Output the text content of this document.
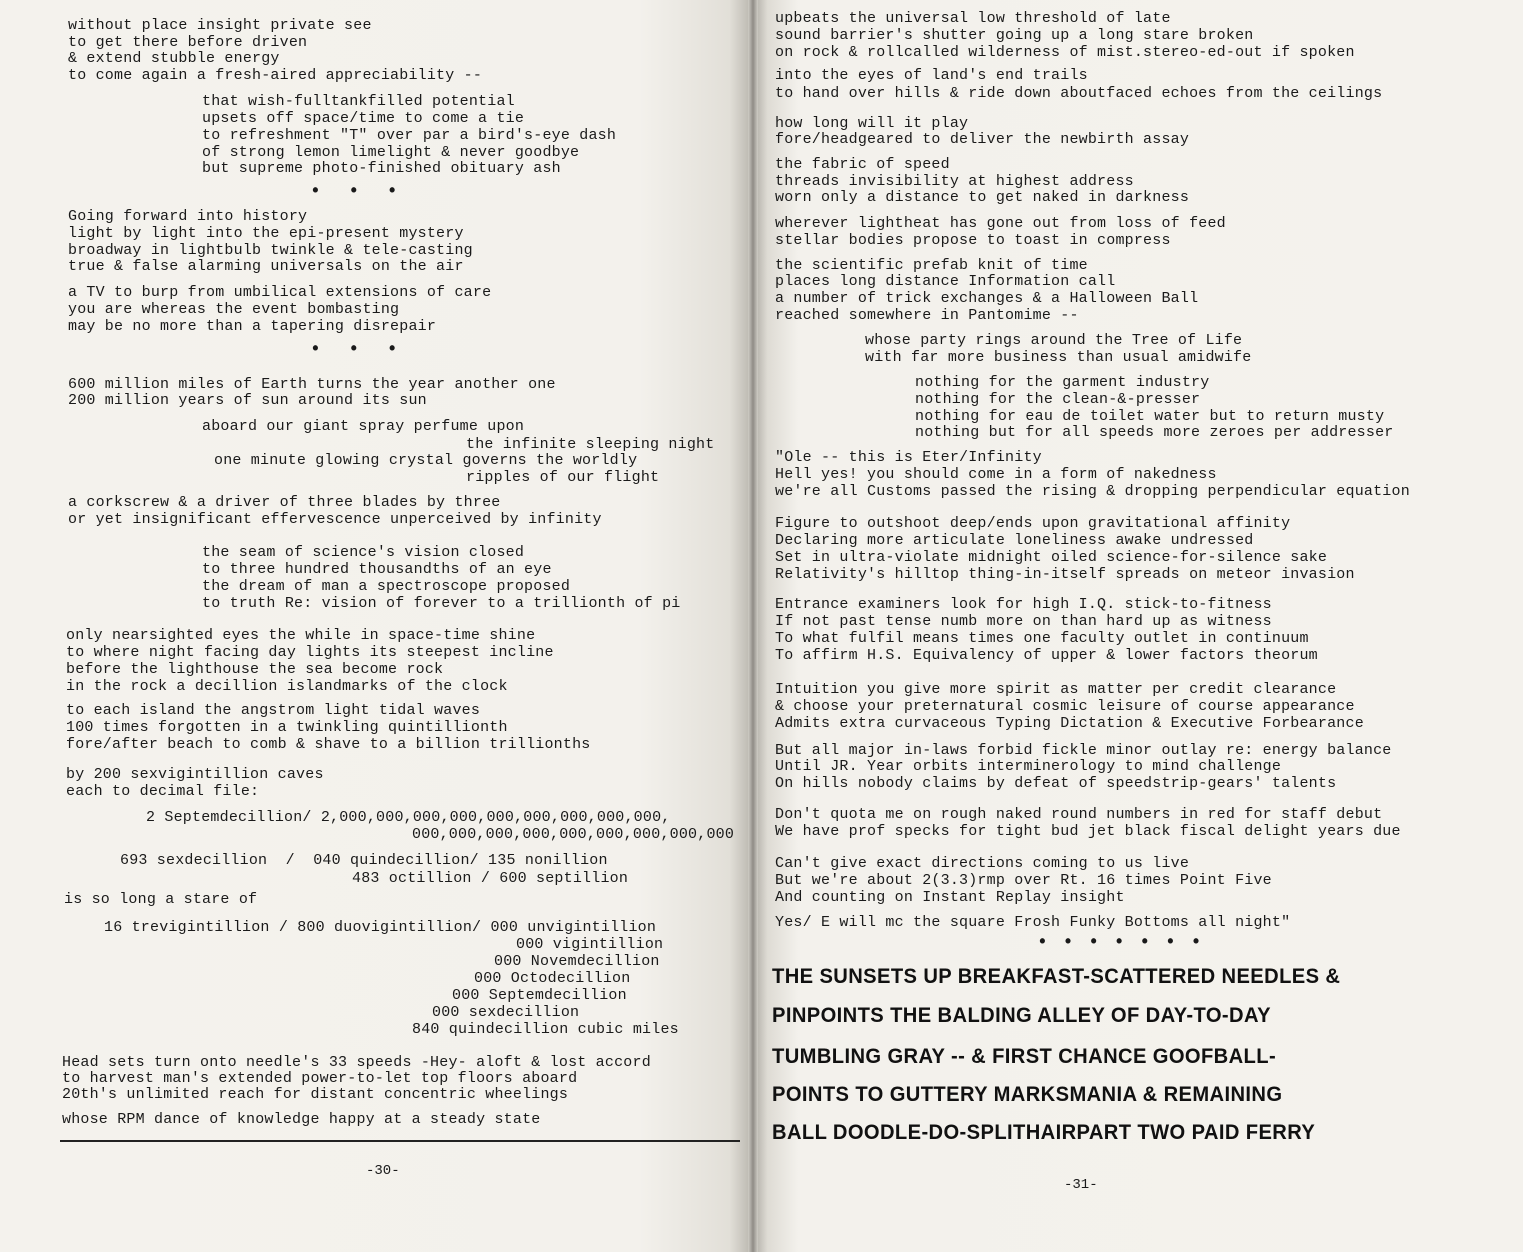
without place insight private see
to get there before driven
& extend stubble energy
to come again a fresh-aired appreciability --
that wish-fulltankfilled potential
upsets off space/time to come a tie
to refreshment "T" over par a bird's-eye dash
of strong lemon limelight & never goodbye
but supreme photo-finished obituary ash
•  •  •
Going forward into history
light by light into the epi-present mystery
broadway in lightbulb twinkle & tele-casting
true & false alarming universals on the air
a TV to burp from umbilical extensions of care
you are whereas the event bombasting
may be no more than a tapering disrepair
•  •  •
600 million miles of Earth turns the year another one
200 million years of sun around its sun
aboard our giant spray perfume upon
the infinite sleeping night
one minute glowing crystal governs the worldly
ripples of our flight
a corkscrew & a driver of three blades by three
or yet insignificant effervescence unperceived by infinity
the seam of science's vision closed
to three hundred thousandths of an eye
the dream of man a spectroscope proposed
to truth Re: vision of forever to a trillionth of pi
only nearsighted eyes the while in space-time shine
to where night facing day lights its steepest incline
before the lighthouse the sea become rock
in the rock a decillion islandmarks of the clock
to each island the angstrom light tidal waves
100 times forgotten in a twinkling quintillionth
fore/after beach to comb & shave to a billion trillionths
by 200 sexvigintillion caves
each to decimal file:
2 Septemdecillion/ 2,000,000,000,000,000,000,000,000,000,
000,000,000,000,000,000,000,000,000
693 sexdecillion  /  040 quindecillion/ 135 nonillion
483 octillion / 600 septillion
is so long a stare of
16 trevigintillion / 800 duovigintillion/ 000 unvigintillion
000 vigintillion
000 Novemdecillion
000 Octodecillion
000 Septemdecillion
000 sexdecillion
840 quindecillion cubic miles
Head sets turn onto needle's 33 speeds -Hey- aloft & lost accord
to harvest man's extended power-to-let top floors aboard
20th's unlimited reach for distant concentric wheelings
whose RPM dance of knowledge happy at a steady state
-30-
upbeats the universal low threshold of late
sound barrier's shutter going up a long stare broken
on rock & rollcalled wilderness of mist.stereo-ed-out if spoken
into the eyes of land's end trails
to hand over hills & ride down aboutfaced echoes from the ceilings
how long will it play
fore/headgeared to deliver the newbirth assay
the fabric of speed
threads invisibility at highest address
worn only a distance to get naked in darkness
wherever lightheat has gone out from loss of feed
stellar bodies propose to toast in compress
the scientific prefab knit of time
places long distance Information call
a number of trick exchanges & a Halloween Ball
reached somewhere in Pantomime --
whose party rings around the Tree of Life
with far more business than usual amidwife
nothing for the garment industry
nothing for the clean-&-presser
nothing for eau de toilet water but to return musty
nothing but for all speeds more zeroes per addresser
"Ole -- this is Eter/Infinity
Hell yes! you should come in a form of nakedness
we're all Customs passed the rising & dropping perpendicular equation
Figure to outshoot deep/ends upon gravitational affinity
Declaring more articulate loneliness awake undressed
Set in ultra-violate midnight oiled science-for-silence sake
Relativity's hilltop thing-in-itself spreads on meteor invasion
Entrance examiners look for high I.Q. stick-to-fitness
If not past tense numb more on than hard up as witness
To what fulfil means times one faculty outlet in continuum
To affirm H.S. Equivalency of upper & lower factors theorum
Intuition you give more spirit as matter per credit clearance
& choose your preternatural cosmic leisure of course appearance
Admits extra curvaceous Typing Dictation & Executive Forbearance
But all major in-laws forbid fickle minor outlay re: energy balance
Until JR. Year orbits interminerology to mind challenge
On hills nobody claims by defeat of speedstrip-gears' talents
Don't quota me on rough naked round numbers in red for staff debut
We have prof specks for tight bud jet black fiscal delight years due
Can't give exact directions coming to us live
But we're about 2(3.3)rmp over Rt. 16 times Point Five
And counting on Instant Replay insight
Yes/ E will mc the square Frosh Funky Bottoms all night"
• • • • • • •
-31-
THE SUNSETS UP BREAKFAST-SCATTERED NEEDLES &
PINPOINTS THE BALDING ALLEY OF DAY-TO-DAY
TUMBLING GRAY -- & FIRST CHANCE GOOFBALL-
POINTS TO GUTTERY MARKSMANIA & REMAINING
BALL DOODLE-DO-SPLITHAIRPART TWO PAID FERRY
